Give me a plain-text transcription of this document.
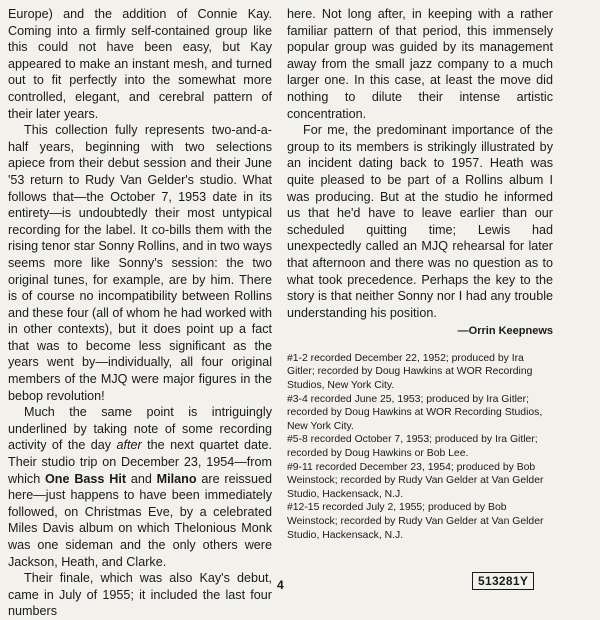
Europe) and the addition of Connie Kay. Coming into a firmly self-contained group like this could not have been easy, but Kay appeared to make an instant mesh, and turned out to fit perfectly into the somewhat more controlled, elegant, and cerebral pattern of their later years.

This collection fully represents two-and-a-half years, beginning with two selections apiece from their debut session and their June '53 return to Rudy Van Gelder's studio. What follows that—the October 7, 1953 date in its entirety—is undoubtedly their most untypical recording for the label. It co-bills them with the rising tenor star Sonny Rollins, and in two ways seems more like Sonny's session: the two original tunes, for example, are by him. There is of course no incompatibility between Rollins and these four (all of whom he had worked with in other contexts), but it does point up a fact that was to become less significant as the years went by—individually, all four original members of the MJQ were major figures in the bebop revolution!

Much the same point is intriguingly underlined by taking note of some recording activity of the day after the next quartet date. Their studio trip on December 23, 1954—from which One Bass Hit and Milano are reissued here—just happens to have been immediately followed, on Christmas Eve, by a celebrated Miles Davis album on which Thelonious Monk was one sideman and the only others were Jackson, Heath, and Clarke.

Their finale, which was also Kay's debut, came in July of 1955; it included the last four numbers

here. Not long after, in keeping with a rather familiar pattern of that period, this immensely popular group was guided by its management away from the small jazz company to a much larger one. In this case, at least the move did nothing to dilute their intense artistic concentration.

For me, the predominant importance of the group to its members is strikingly illustrated by an incident dating back to 1957. Heath was quite pleased to be part of a Rollins album I was producing. But at the studio he informed us that he'd have to leave earlier than our scheduled quitting time; Lewis had unexpectedly called an MJQ rehearsal for later that afternoon and there was no question as to what took precedence. Perhaps the key to the story is that neither Sonny nor I had any trouble understanding his position.

—Orrin Keepnews
#1-2 recorded December 22, 1952; produced by Ira Gitler; recorded by Doug Hawkins at WOR Recording Studios, New York City.
#3-4 recorded June 25, 1953; produced by Ira Gitler; recorded by Doug Hawkins at WOR Recording Studios, New York City.
#5-8 recorded October 7, 1953; produced by Ira Gitler; recorded by Doug Hawkins or Bob Lee.
#9-11 recorded December 23, 1954; produced by Bob Weinstock; recorded by Rudy Van Gelder at Van Gelder Studio, Hackensack, N.J.
#12-15 recorded July 2, 1955; produced by Bob Weinstock; recorded by Rudy Van Gelder at Van Gelder Studio, Hackensack, N.J.
4	513281Y
